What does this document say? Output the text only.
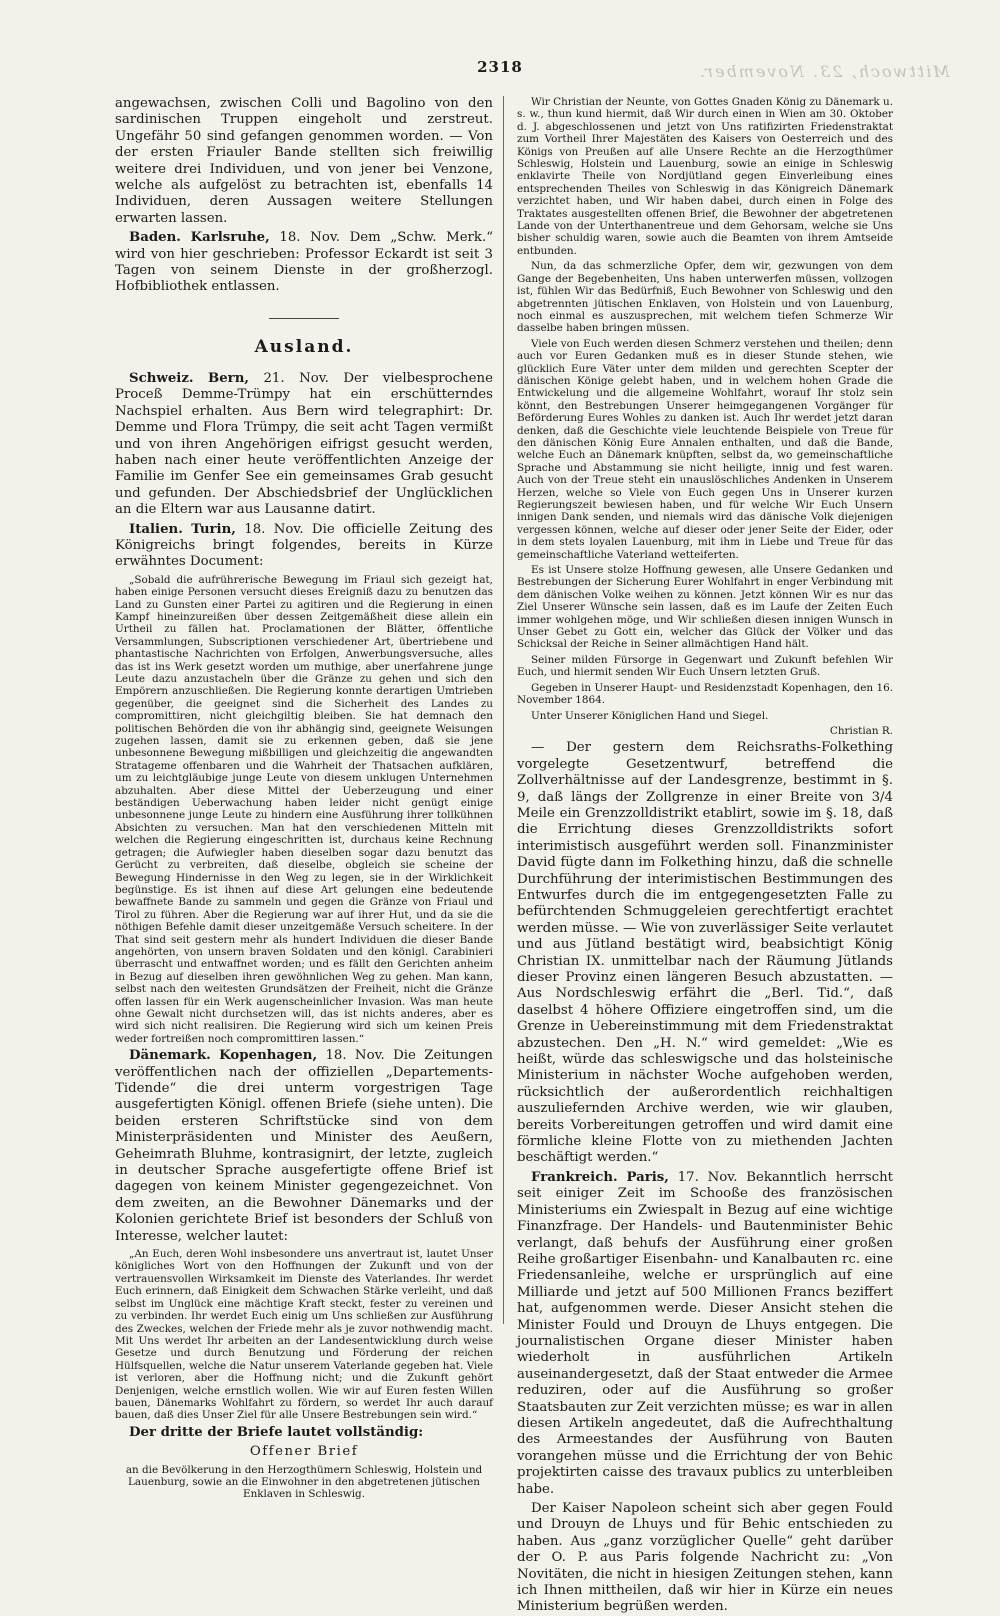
2318	Mittwoch, 23. November.

angewachsen, zwischen Colli und Bagolino von den sardinischen Truppen eingeholt und zerstreut. Ungefähr 50 sind gefangen genommen worden. — Von der ersten Friauler Bande stellten sich freiwillig weitere drei Individuen, und von jener bei Venzone, welche als aufgelöst zu betrachten ist, ebenfalls 14 Individuen, deren Aussagen weitere Stellungen erwarten lassen.

Baden. Karlsruhe, 18. Nov. Dem „Schw. Merk.“ wird von hier geschrieben: Professor Eckardt ist seit 3 Tagen von seinem Dienste in der großherzogl. Hofbibliothek entlassen.

Ausland.

Schweiz. Bern, 21. Nov. Der vielbesprochene Proceß Demme-Trümpy hat ein erschütterndes Nachspiel erhalten. Aus Bern wird telegraphirt: Dr. Demme und Flora Trümpy, die seit acht Tagen vermißt und von ihren Angehörigen eifrigst gesucht werden, haben nach einer heute veröffentlichten Anzeige der Familie im Genfer See ein gemeinsames Grab gesucht und gefunden. Der Abschiedsbrief der Unglücklichen an die Eltern war aus Lausanne datirt.

Italien. Turin, 18. Nov. Die officielle Zeitung des Königreichs bringt folgendes, bereits in Kürze erwähntes Document:

„Sobald die aufrührerische Bewegung im Friaul sich gezeigt hat, haben einige Personen versucht dieses Ereigniß dazu zu benutzen das Land zu Gunsten einer Partei zu agitiren und die Regierung in einen Kampf hineinzureißen über dessen Zeitgemäßheit diese allein ein Urtheil zu fällen hat. Proclamationen der Blätter, öffentliche Versammlungen, Subscriptionen verschiedener Art, übertriebene und phantastische Nachrichten von Erfolgen, Anwerbungsversuche, alles das ist ins Werk gesetzt worden um muthige, aber unerfahrene junge Leute dazu anzustacheln über die Gränze zu gehen und sich den Empörern anzuschließen. Die Regierung konnte derartigen Umtrieben gegenüber, die geeignet sind die Sicherheit des Landes zu compromittiren, nicht gleichgiltig bleiben. Sie hat demnach den politischen Behörden die von ihr abhängig sind, geeignete Weisungen zugehen lassen, damit sie zu erkennen geben, daß sie jene unbesonnene Bewegung mißbilligen und gleichzeitig die angewandten Stratageme offenbaren und die Wahrheit der Thatsachen aufklären, um zu leichtgläubige junge Leute von diesem unklugen Unternehmen abzuhalten. Aber diese Mittel der Ueberzeugung und einer beständigen Ueberwachung haben leider nicht genügt einige unbesonnene junge Leute zu hindern eine Ausführung ihrer tollkühnen Absichten zu versuchen. Man hat den verschiedenen Mitteln mit welchen die Regierung eingeschritten ist, durchaus keine Rechnung getragen; die Aufwiegler haben dieselben sogar dazu benutzt das Gerücht zu verbreiten, daß dieselbe, obgleich sie scheine der Bewegung Hindernisse in den Weg zu legen, sie in der Wirklichkeit begünstige. Es ist ihnen auf diese Art gelungen eine bedeutende bewaffnete Bande zu sammeln und gegen die Gränze von Friaul und Tirol zu führen. Aber die Regierung war auf ihrer Hut, und da sie die nöthigen Befehle damit dieser unzeitgemäße Versuch scheitere. In der That sind seit gestern mehr als hundert Individuen die dieser Bande angehörten, von unsern braven Soldaten und den königl. Carabinieri überrascht und entwaffnet worden; und es fällt den Gerichten anheim in Bezug auf dieselben ihren gewöhnlichen Weg zu gehen. Man kann, selbst nach den weitesten Grundsätzen der Freiheit, nicht die Gränze offen lassen für ein Werk augenscheinlicher Invasion. Was man heute ohne Gewalt nicht durchsetzen will, das ist nichts anderes, aber es wird sich nicht realisiren. Die Regierung wird sich um keinen Preis weder fortreißen noch compromittiren lassen.“

Dänemark. Kopenhagen, 18. Nov. Die Zeitungen veröffentlichen nach der offiziellen „Departements-Tidende“ die drei unterm vorgestrigen Tage ausgefertigten Königl. offenen Briefe (siehe unten). Die beiden ersteren Schriftstücke sind von dem Ministerpräsidenten und Minister des Aeußern, Geheimrath Bluhme, kontrasignirt, der letzte, zugleich in deutscher Sprache ausgefertigte offene Brief ist dagegen von keinem Minister gegengezeichnet. Von dem zweiten, an die Bewohner Dänemarks und der Kolonien gerichtete Brief ist besonders der Schluß von Interesse, welcher lautet:

„An Euch, deren Wohl insbesondere uns anvertraut ist, lautet Unser königliches Wort von den Hoffnungen der Zukunft und von der vertrauensvollen Wirksamkeit im Dienste des Vaterlandes. Ihr werdet Euch erinnern, daß Einigkeit dem Schwachen Stärke verleiht, und daß selbst im Unglück eine mächtige Kraft steckt, fester zu vereinen und zu verbinden. Ihr werdet Euch einig um Uns schließen zur Ausführung des Zweckes, welchen der Friede mehr als je zuvor nothwendig macht. Mit Uns werdet Ihr arbeiten an der Landesentwicklung durch weise Gesetze und durch Benutzung und Förderung der reichen Hülfsquellen, welche die Natur unserem Vaterlande gegeben hat. Viele ist verloren, aber die Hoffnung nicht; und die Zukunft gehört Denjenigen, welche ernstlich wollen. Wie wir auf Euren festen Willen bauen, Dänemarks Wohlfahrt zu fördern, so werdet Ihr auch darauf bauen, daß dies Unser Ziel für alle Unsere Bestrebungen sein wird.“

Der dritte der Briefe lautet vollständig:

Offener Brief

an die Bevölkerung in den Herzogthümern Schleswig, Holstein und Lauenburg, sowie an die Einwohner in den abgetretenen jütischen Enklaven in Schleswig.

Wir Christian der Neunte, von Gottes Gnaden König zu Dänemark u. s. w., thun kund hiermit, daß Wir durch einen in Wien am 30. Oktober d. J. abgeschlossenen und jetzt von Uns ratifizirten Friedenstraktat zum Vortheil Ihrer Majestäten des Kaisers von Oesterreich und des Königs von Preußen auf alle Unsere Rechte an die Herzogthümer Schleswig, Holstein und Lauenburg, sowie an einige in Schleswig enklavirte Theile von Nordjütland gegen Einverleibung eines entsprechenden Theiles von Schleswig in das Königreich Dänemark verzichtet haben, und Wir haben dabei, durch einen in Folge des Traktates ausgestellten offenen Brief, die Bewohner der abgetretenen Lande von der Unterthanentreue und dem Gehorsam, welche sie Uns bisher schuldig waren, sowie auch die Beamten von ihrem Amtseide entbunden.

Nun, da das schmerzliche Opfer, dem wir, gezwungen von dem Gange der Begebenheiten, Uns haben unterwerfen müssen, vollzogen ist, fühlen Wir das Bedürfniß, Euch Bewohner von Schleswig und den abgetrennten jütischen Enklaven, von Holstein und von Lauenburg, noch einmal es auszusprechen, mit welchem tiefen Schmerze Wir dasselbe haben bringen müssen.

Viele von Euch werden diesen Schmerz verstehen und theilen; denn auch vor Euren Gedanken muß es in dieser Stunde stehen, wie glücklich Eure Väter unter dem milden und gerechten Scepter der dänischen Könige gelebt haben, und in welchem hohen Grade die Entwickelung und die allgemeine Wohlfahrt, worauf Ihr stolz sein könnt, den Bestrebungen Unserer heimgegangenen Vorgänger für Beförderung Eures Wohles zu danken ist. Auch Ihr werdet jetzt daran denken, daß die Geschichte viele leuchtende Beispiele von Treue für den dänischen König Eure Annalen enthalten, und daß die Bande, welche Euch an Dänemark knüpften, selbst da, wo gemeinschaftliche Sprache und Abstammung sie nicht heiligte, innig und fest waren. Auch von der Treue steht ein unauslöschliches Andenken in Unserem Herzen, welche so Viele von Euch gegen Uns in Unserer kurzen Regierungszeit bewiesen haben, und für welche Wir Euch Unsern innigen Dank senden, und niemals wird das dänische Volk diejenigen vergessen können, welche auf dieser oder jener Seite der Eider, oder in dem stets loyalen Lauenburg, mit ihm in Liebe und Treue für das gemeinschaftliche Vaterland wetteiferten.

Es ist Unsere stolze Hoffnung gewesen, alle Unsere Gedanken und Bestrebungen der Sicherung Eurer Wohlfahrt in enger Verbindung mit dem dänischen Volke weihen zu können. Jetzt können Wir es nur das Ziel Unserer Wünsche sein lassen, daß es im Laufe der Zeiten Euch immer wohlgehen möge, und Wir schließen diesen innigen Wunsch in Unser Gebet zu Gott ein, welcher das Glück der Völker und das Schicksal der Reiche in Seiner allmächtigen Hand hält.

Seiner milden Fürsorge in Gegenwart und Zukunft befehlen Wir Euch, und hiermit senden Wir Euch Unsern letzten Gruß.

Gegeben in Unserer Haupt- und Residenzstadt Kopenhagen, den 16. November 1864.

Unter Unserer Königlichen Hand und Siegel.

Christian R.

— Der gestern dem Reichsraths-Folkething vorgelegte Gesetzentwurf, betreffend die Zollverhältnisse auf der Landesgrenze, bestimmt in §. 9, daß längs der Zollgrenze in einer Breite von 3/4 Meile ein Grenzzolldistrikt etablirt, sowie im §. 18, daß die Errichtung dieses Grenzzolldistrikts sofort interimistisch ausgeführt werden soll. Finanzminister David fügte dann im Folkething hinzu, daß die schnelle Durchführung der interimistischen Bestimmungen des Entwurfes durch die im entgegengesetzten Falle zu befürchtenden Schmuggeleien gerechtfertigt erachtet werden müsse. — Wie von zuverlässiger Seite verlautet und aus Jütland bestätigt wird, beabsichtigt König Christian IX. unmittelbar nach der Räumung Jütlands dieser Provinz einen längeren Besuch abzustatten. — Aus Nordschleswig erfährt die „Berl. Tid.“, daß daselbst 4 höhere Offiziere eingetroffen sind, um die Grenze in Uebereinstimmung mit dem Friedenstraktat abzustechen. Den „H. N.“ wird gemeldet: „Wie es heißt, würde das schleswigsche und das holsteinische Ministerium in nächster Woche aufgehoben werden, rücksichtlich der außerordentlich reichhaltigen auszuliefernden Archive werden, wie wir glauben, bereits Vorbereitungen getroffen und wird damit eine förmliche kleine Flotte von zu miethenden Jachten beschäftigt werden.“

Frankreich. Paris, 17. Nov. Bekanntlich herrscht seit einiger Zeit im Schooße des französischen Ministeriums ein Zwiespalt in Bezug auf eine wichtige Finanzfrage. Der Handels- und Bautenminister Behic verlangt, daß behufs der Ausführung einer großen Reihe großartiger Eisenbahn- und Kanalbauten rc. eine Friedensanleihe, welche er ursprünglich auf eine Milliarde und jetzt auf 500 Millionen Francs beziffert hat, aufgenommen werde. Dieser Ansicht stehen die Minister Fould und Drouyn de Lhuys entgegen. Die journalistischen Organe dieser Minister haben wiederholt in ausführlichen Artikeln auseinandergesetzt, daß der Staat entweder die Armee reduziren, oder auf die Ausführung so großer Staatsbauten zur Zeit verzichten müsse; es war in allen diesen Artikeln angedeutet, daß die Aufrechthaltung des Armeestandes der Ausführung von Bauten vorangehen müsse und die Errichtung der von Behic projektirten caisse des travaux publics zu unterbleiben habe.

Der Kaiser Napoleon scheint sich aber gegen Fould und Drouyn de Lhuys und für Behic entschieden zu haben. Aus „ganz vorzüglicher Quelle“ geht darüber der O. P. aus Paris folgende Nachricht zu: „Von Novitäten, die nicht in hiesigen Zeitungen stehen, kann ich Ihnen mittheilen, daß wir hier in Kürze ein neues Ministerium begrüßen werden.
